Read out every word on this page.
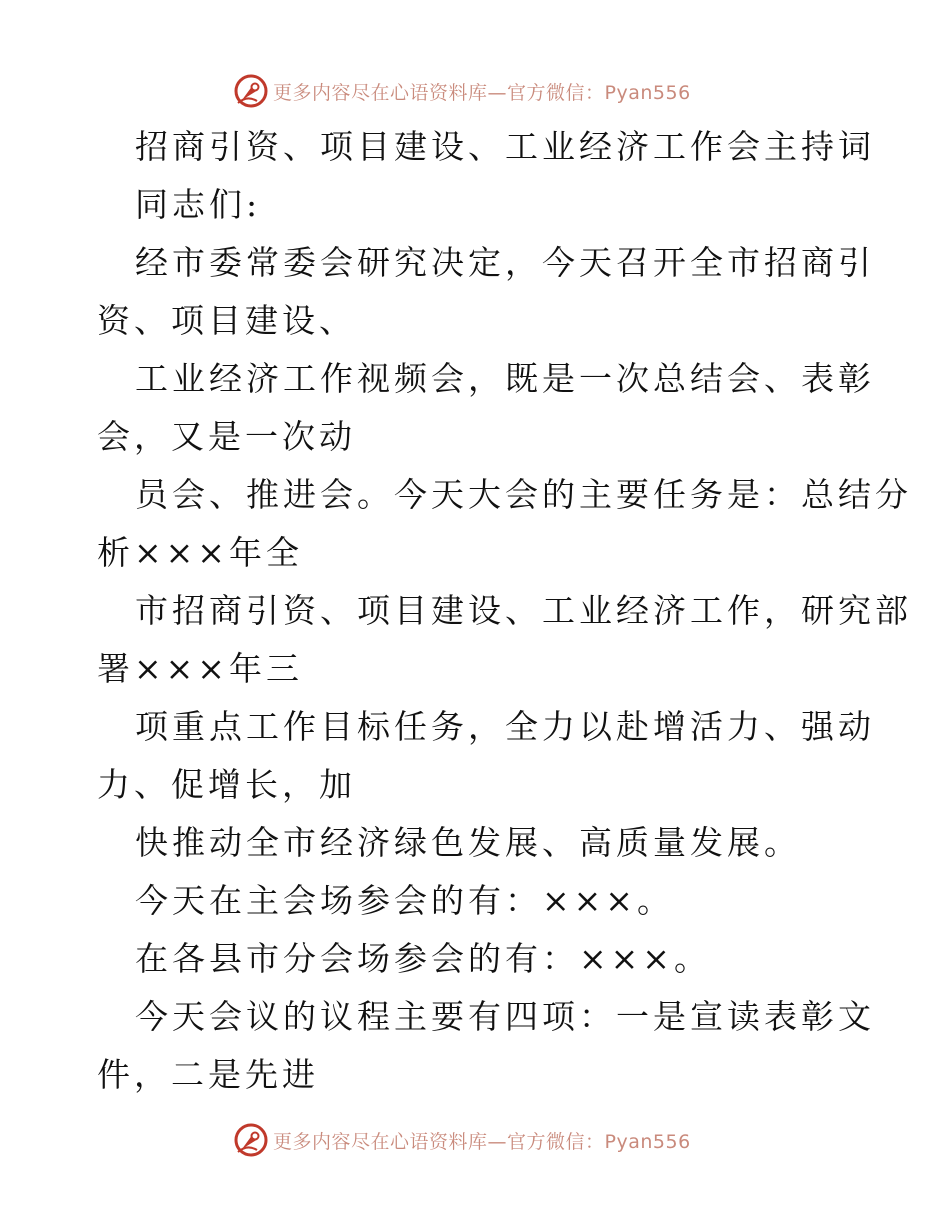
更多内容尽在心语资料库—官方微信：Pyan556
招商引资、项目建设、工业经济工作会主持词
同志们:
经市委常委会研究决定，今天召开全市招商引
资、项目建设、
工业经济工作视频会，既是一次总结会、表彰
会，又是一次动
员会、推进会。今天大会的主要任务是：总结分
析×××年全
市招商引资、项目建设、工业经济工作，研究部
署×××年三
项重点工作目标任务，全力以赴增活力、强动
力、促增长，加
快推动全市经济绿色发展、高质量发展。
今天在主会场参会的有：×××。
在各县市分会场参会的有：×××。
今天会议的议程主要有四项：一是宣读表彰文
件，二是先进
更多内容尽在心语资料库—官方微信：Pyan556
